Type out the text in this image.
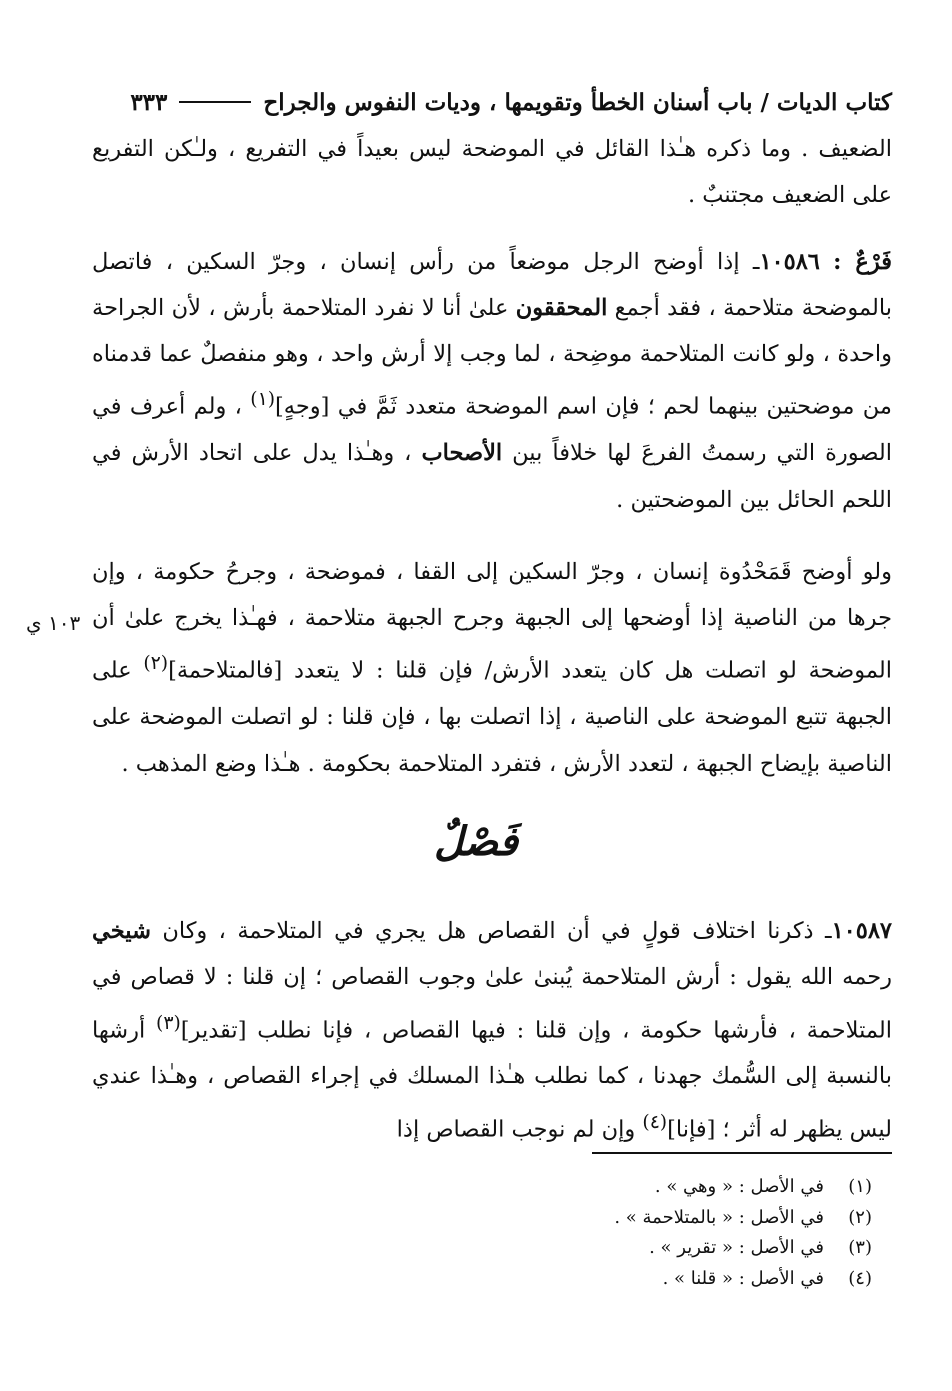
كتاب الديات / باب أسنان الخطأ وتقويمها ، وديات النفوس والجراح
٣٣٣
الضعيف . وما ذكره هـٰذا القائل في الموضحة ليس بعيداً في التفريع ، ولـٰكن التفريع على الضعيف مجتنبٌ .
فَرْعٌ : ١٠٥٨٦ـ إذا أوضح الرجل موضعاً من رأس إنسان ، وجرّ السكين ، فاتصل بالموضحة متلاحمة ، فقد أجمع المحققون علىٰ أنا لا نفرد المتلاحمة بأرش ، لأن الجراحة واحدة ، ولو كانت المتلاحمة موضِحة ، لما وجب إلا أرش واحد ، وهو منفصلٌ عما قدمناه من موضحتين بينهما لحم ؛ فإن اسم الموضحة متعدد ثَمَّ في [وجهٍ]$^{(١)}$ ، ولم أعرف في الصورة التي رسمتُ الفرعَ لها خلافاً بين الأصحاب ، وهـٰذا يدل على اتحاد الأرش في اللحم الحائل بين الموضحتين .
ولو أوضح قَمَحْدُوة إنسان ، وجرّ السكين إلى القفا ، فموضحة ، وجرحُ حكومة ، وإن جرها من الناصية إذا أوضحها إلى الجبهة وجرح الجبهة متلاحمة ، فهـٰذا يخرج علىٰ أن الموضحة لو اتصلت هل كان يتعدد الأرش/ فإن قلنا : لا يتعدد [فالمتلاحمة]$^{(٢)}$ على الجبهة تتبع الموضحة على الناصية ، إذا اتصلت بها ، فإن قلنا : لو اتصلت الموضحة على الناصية بإيضاح الجبهة ، لتعدد الأرش ، فتفرد المتلاحمة بحكومة . هـٰذا وضع المذهب .
١٠٣ ي
فَصْلٌ
١٠٥٨٧ـ ذكرنا اختلاف قولٍ في أن القصاص هل يجري في المتلاحمة ، وكان شيخي رحمه الله يقول : أرش المتلاحمة يُبنىٰ علىٰ وجوب القصاص ؛ إن قلنا : لا قصاص في المتلاحمة ، فأرشها حكومة ، وإن قلنا : فيها القصاص ، فإنا نطلب [تقدير]$^{(٣)}$ أرشها بالنسبة إلى السُّمك جهدنا ، كما نطلب هـٰذا المسلك في إجراء القصاص ، وهـٰذا عندي ليس يظهر له أثر ؛ [فإنا]$^{(٤)}$ وإن لم نوجب القصاص إذا
(١)
في الأصل : « وهي » .
(٢)
في الأصل : « بالمتلاحمة » .
(٣)
في الأصل : « تقرير » .
(٤)
في الأصل : « قلنا » .
